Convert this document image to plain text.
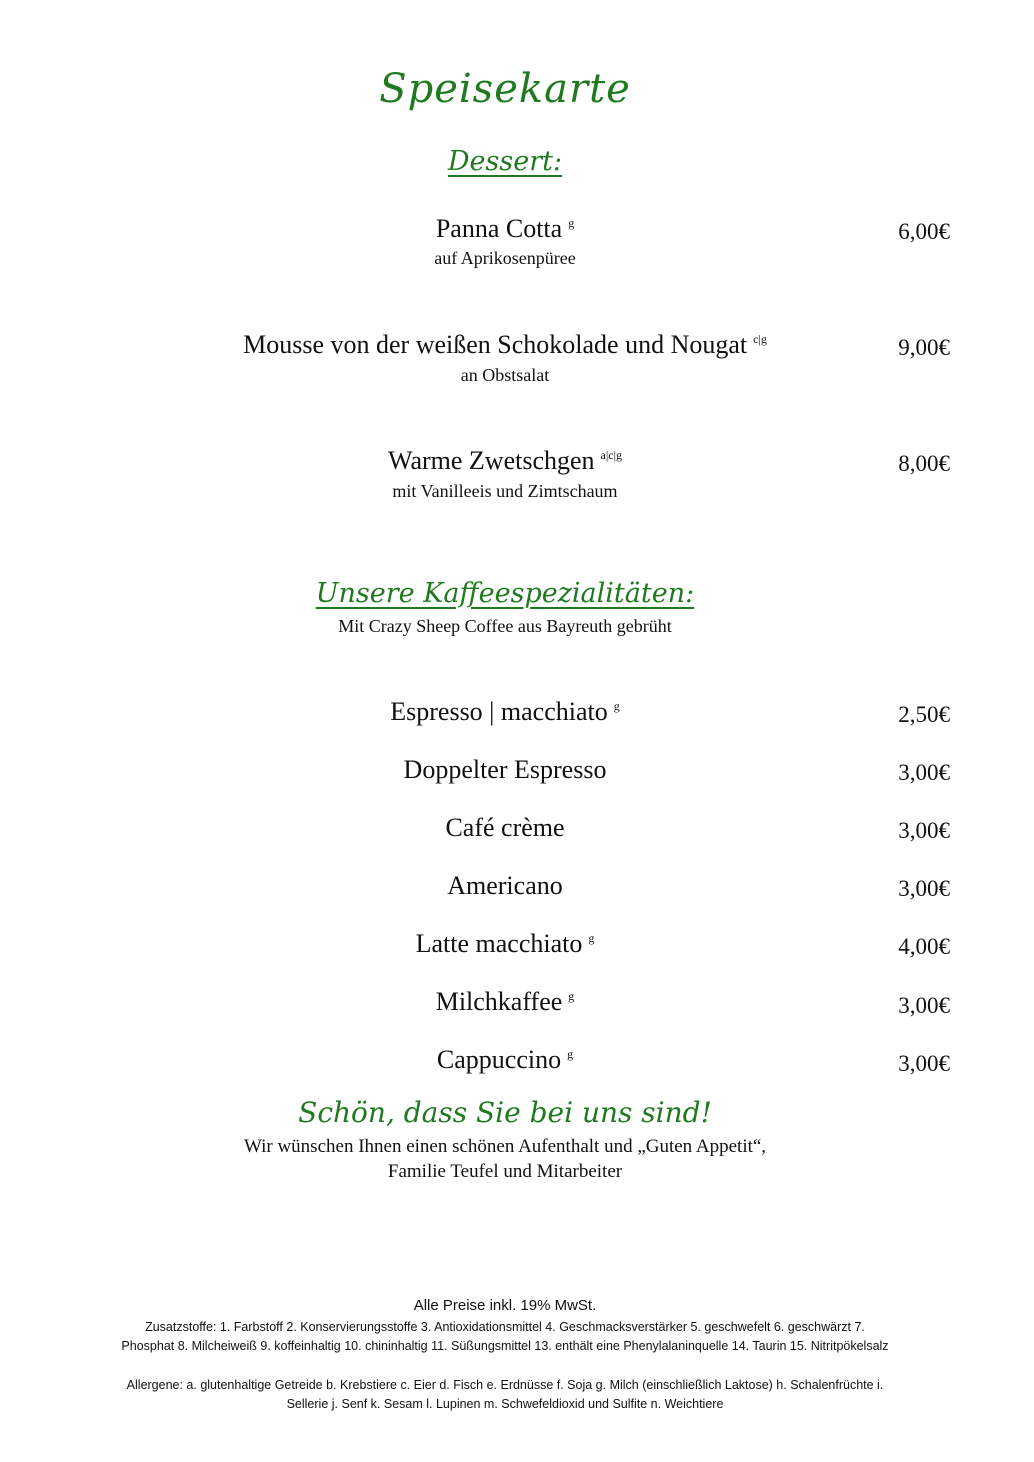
Speisekarte
Dessert:
Panna Cotta $^g$
auf Aprikosenpüree
6,00€
Mousse von der weißen Schokolade und Nougat $^{c|g}$
an Obstsalat
9,00€
Warme Zwetschgen $^{a|c|g}$
mit Vanilleeis und Zimtschaum
8,00€
Unsere Kaffeespezialitäten:
Mit Crazy Sheep Coffee aus Bayreuth gebrüht
Espresso | macchiato $^g$	2,50€
Doppelter Espresso	3,00€
Café crème	3,00€
Americano	3,00€
Latte macchiato $^g$	4,00€
Milchkaffee $^g$	3,00€
Cappuccino $^g$	3,00€
Schön, dass Sie bei uns sind!
Wir wünschen Ihnen einen schönen Aufenthalt und „Guten Appetit“,
Familie Teufel und Mitarbeiter
Alle Preise inkl. 19% MwSt.
Zusatzstoffe: 1. Farbstoff 2. Konservierungsstoffe 3. Antioxidationsmittel 4. Geschmacksverstärker 5. geschwefelt 6. geschwärzt 7. Phosphat 8. Milcheiweiß 9. koffeinhaltig 10. chininhaltig 11. Süßungsmittel 13. enthält eine Phenylalaninquelle 14. Taurin 15. Nitritpökelsalz
Allergene: a. glutenhaltige Getreide b. Krebstiere c. Eier d. Fisch e. Erdnüsse f. Soja g. Milch (einschließlich Laktose) h. Schalenfrüchte i. Sellerie j. Senf k. Sesam l. Lupinen m. Schwefeldioxid und Sulfite n. Weichtiere
